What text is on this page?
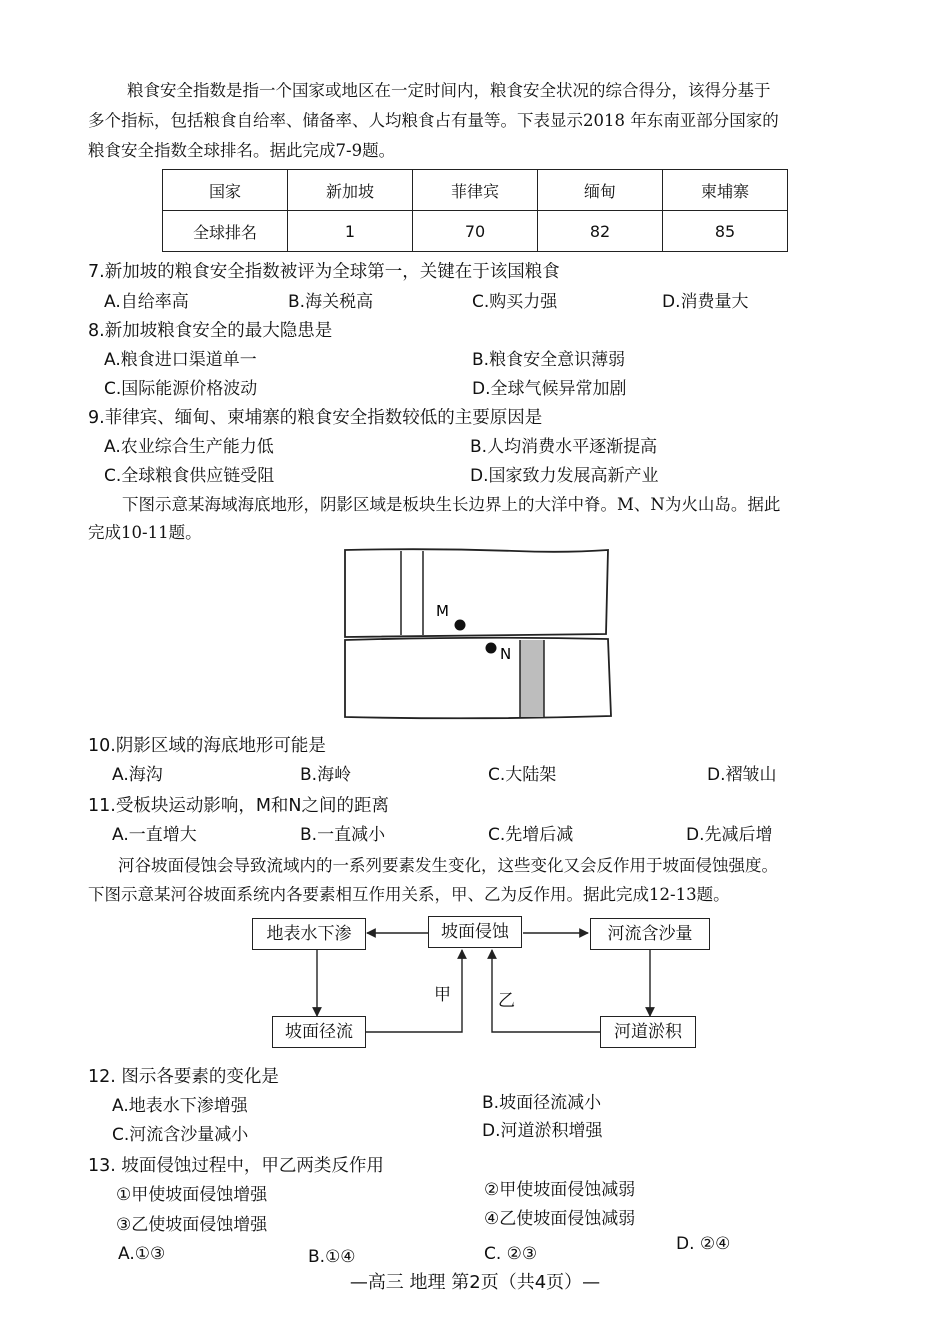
粮食安全指数是指一个国家或地区在一定时间内，粮食安全状况的综合得分，该得分基于
多个指标，包括粮食自给率、储备率、人均粮食占有量等。下表显示2018 年东南亚部分国家的
粮食安全指数全球排名。据此完成7-9题。
国家	新加坡	菲律宾	缅甸	柬埔寨
全球排名	1	70	82	85
7.新加坡的粮食安全指数被评为全球第一，关键在于该国粮食
A.自给率高	B.海关税高	C.购买力强	D.消费量大
8.新加坡粮食安全的最大隐患是
A.粮食进口渠道单一	B.粮食安全意识薄弱
C.国际能源价格波动	D.全球气候异常加剧
9.菲律宾、缅甸、柬埔寨的粮食安全指数较低的主要原因是
A.农业综合生产能力低	B.人均消费水平逐渐提高
C.全球粮食供应链受阻	D.国家致力发展高新产业
下图示意某海域海底地形，阴影区域是板块生长边界上的大洋中脊。M、N为火山岛。据此
完成10-11题。
M
N
10.阴影区域的海底地形可能是
A.海沟	B.海岭	C.大陆架	D.褶皱山
11.受板块运动影响，M和N之间的距离
A.一直增大	B.一直减小	C.先增后减	D.先减后增
河谷坡面侵蚀会导致流域内的一系列要素发生变化，这些变化又会反作用于坡面侵蚀强度。
下图示意某河谷坡面系统内各要素相互作用关系，甲、乙为反作用。据此完成12-13题。
地表水下渗	坡面侵蚀	河流含沙量
坡面径流	河道淤积
甲	乙
12. 图示各要素的变化是
A.地表水下渗增强	B.坡面径流减小
C.河流含沙量减小	D.河道淤积增强
13. 坡面侵蚀过程中，甲乙两类反作用
①甲使坡面侵蚀增强	②甲使坡面侵蚀减弱
③乙使坡面侵蚀增强	④乙使坡面侵蚀减弱
A.①③	B.①④	C. ②③	D. ②④
—高三 地理 第2页（共4页）—
